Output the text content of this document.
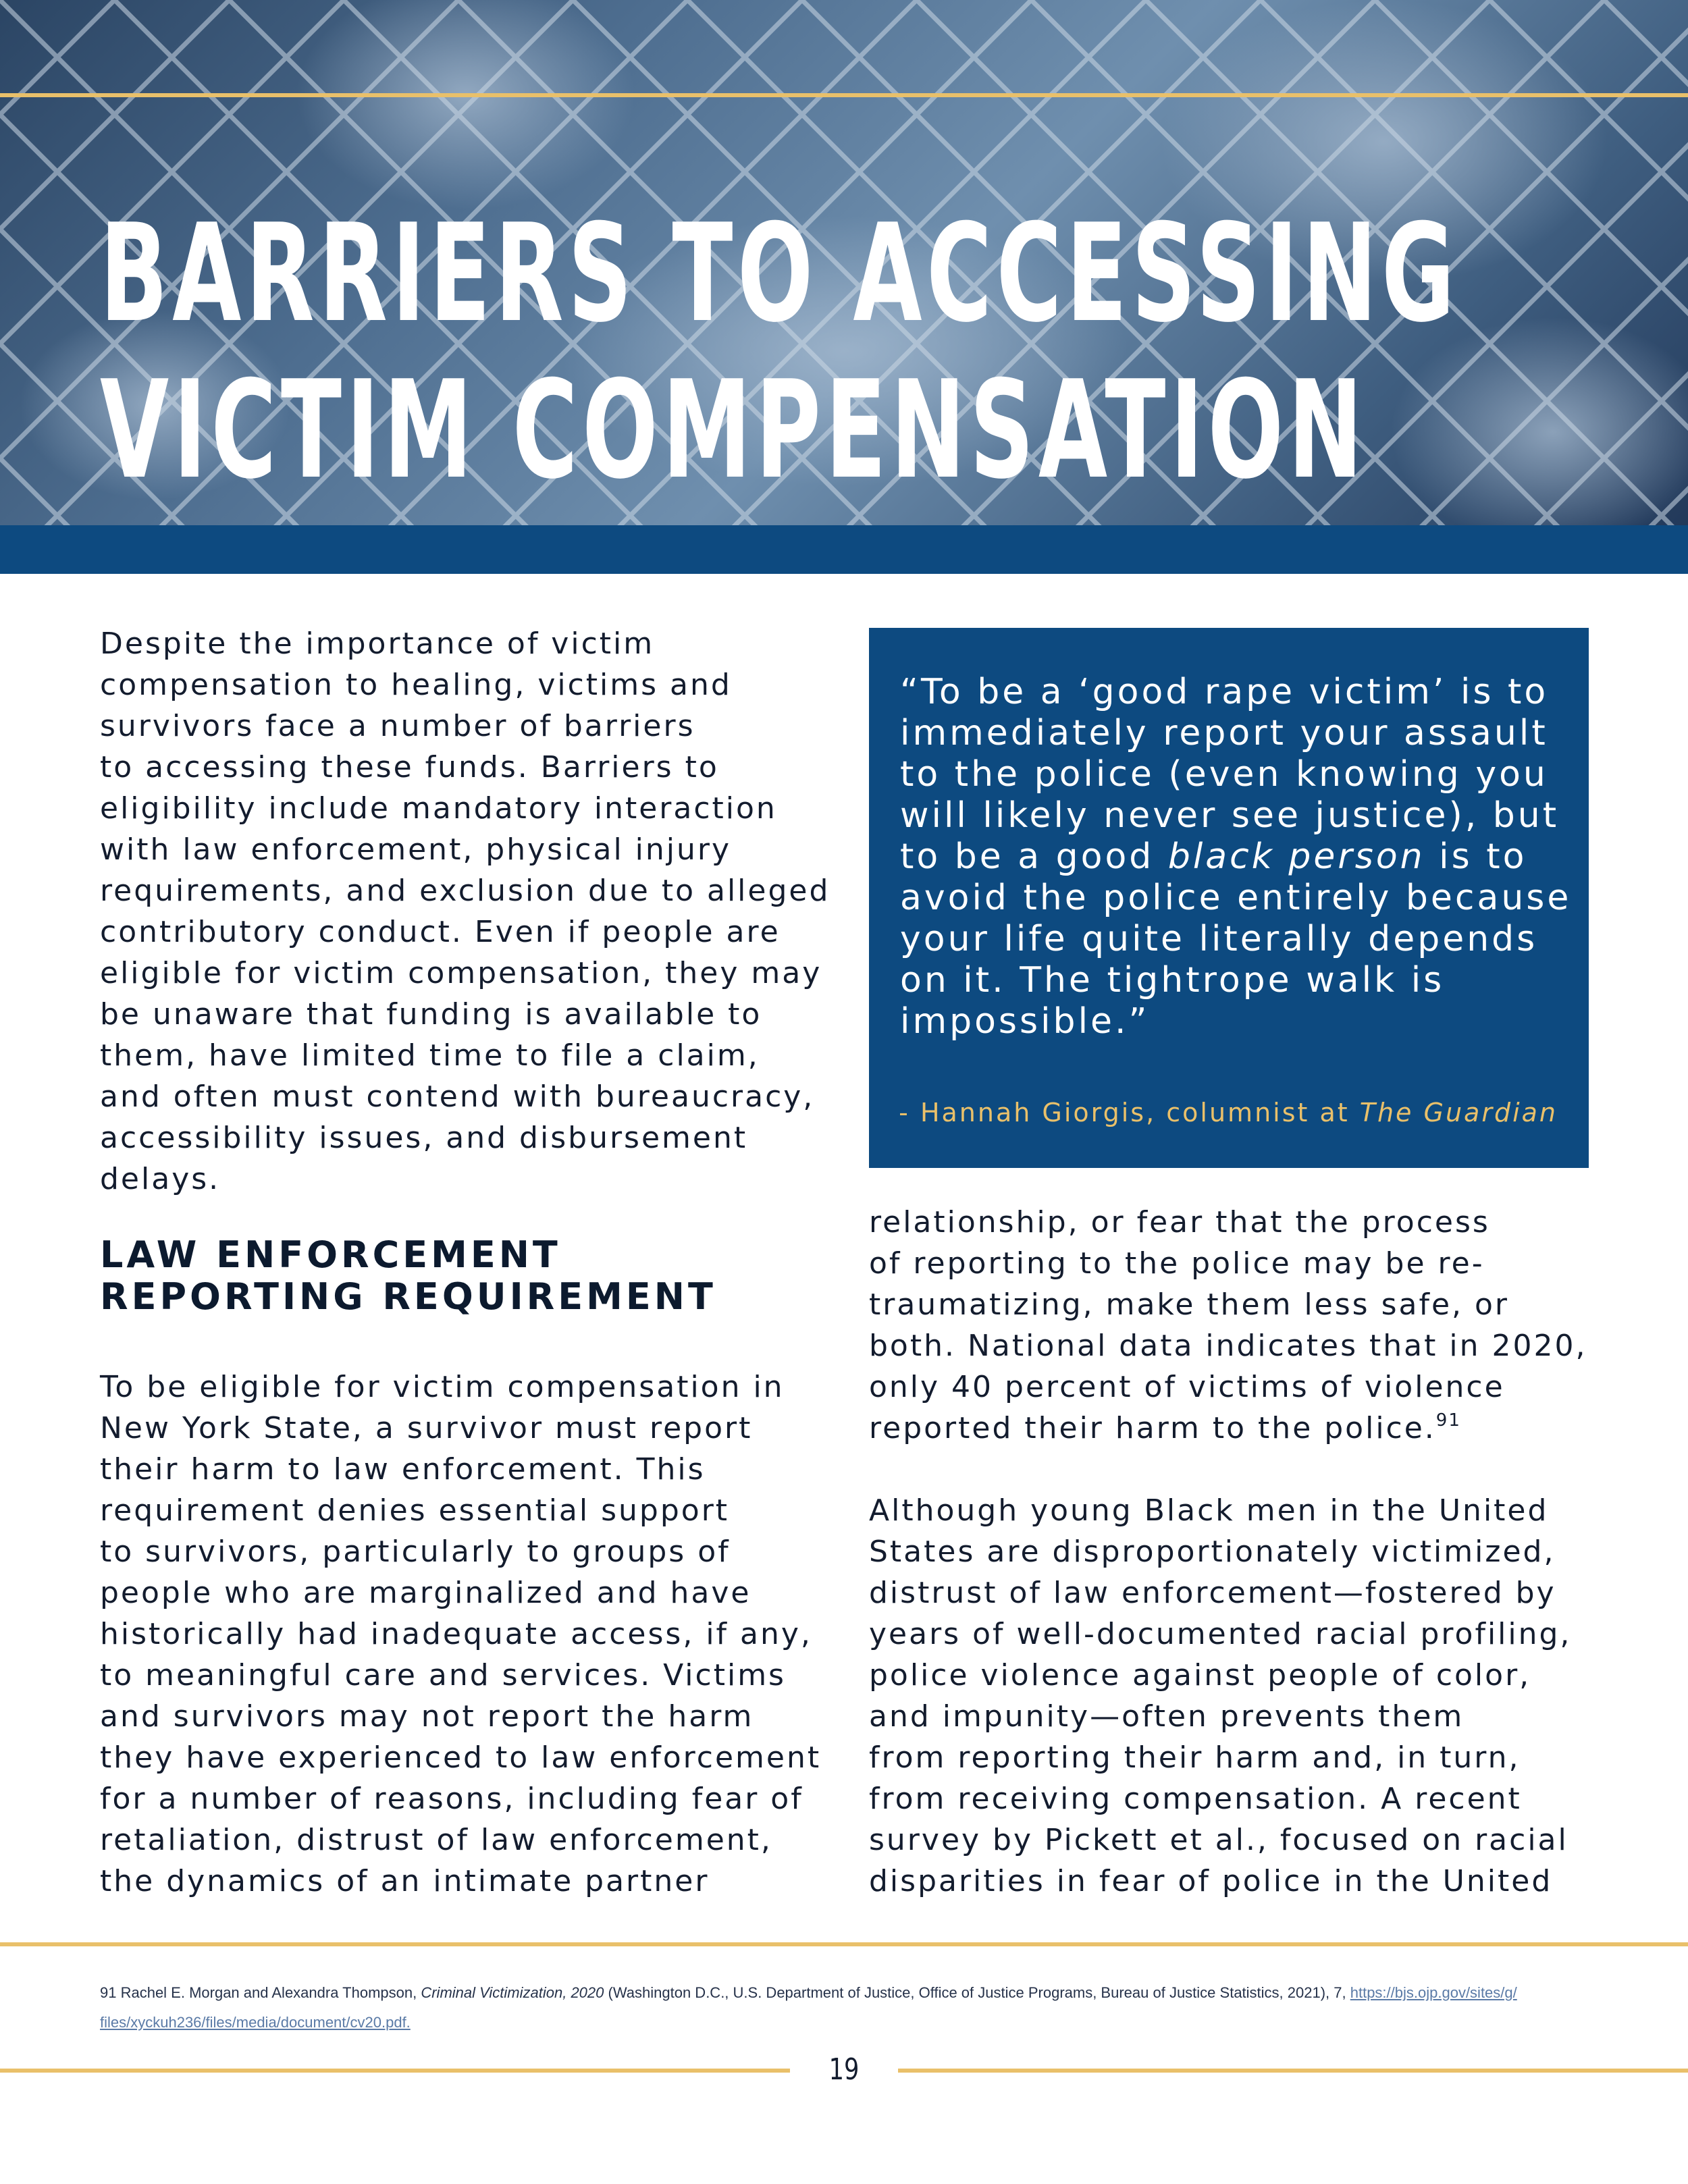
BARRIERS TO ACCESSING
VICTIM COMPENSATION

Despite the importance of victim
compensation to healing, victims and
survivors face a number of barriers
to accessing these funds. Barriers to
eligibility include mandatory interaction
with law enforcement, physical injury
requirements, and exclusion due to alleged
contributory conduct. Even if people are
eligible for victim compensation, they may
be unaware that funding is available to
them, have limited time to file a claim,
and often must contend with bureaucracy,
accessibility issues, and disbursement
delays.

LAW ENFORCEMENT
REPORTING REQUIREMENT

To be eligible for victim compensation in
New York State, a survivor must report
their harm to law enforcement. This
requirement denies essential support
to survivors, particularly to groups of
people who are marginalized and have
historically had inadequate access, if any,
to meaningful care and services. Victims
and survivors may not report the harm
they have experienced to law enforcement
for a number of reasons, including fear of
retaliation, distrust of law enforcement,
the dynamics of an intimate partner

“To be a ‘good rape victim’ is to
immediately report your assault
to the police (even knowing you
will likely never see justice), but
to be a good black person is to
avoid the police entirely because
your life quite literally depends
on it. The tightrope walk is
impossible.”

- Hannah Giorgis, columnist at The Guardian

relationship, or fear that the process
of reporting to the police may be re-
traumatizing, make them less safe, or
both. National data indicates that in 2020,
only 40 percent of victims of violence
reported their harm to the police.$^{91}$

Although young Black men in the United
States are disproportionately victimized,
distrust of law enforcement—fostered by
years of well-documented racial profiling,
police violence against people of color,
and impunity—often prevents them
from reporting their harm and, in turn,
from receiving compensation. A recent
survey by Pickett et al., focused on racial
disparities in fear of police in the United

91 Rachel E. Morgan and Alexandra Thompson, Criminal Victimization, 2020 (Washington D.C., U.S. Department of Justice, Office of Justice Programs, Bureau of Justice Statistics, 2021), 7, https://bjs.ojp.gov/sites/g/
files/xyckuh236/files/media/document/cv20.pdf.

19
